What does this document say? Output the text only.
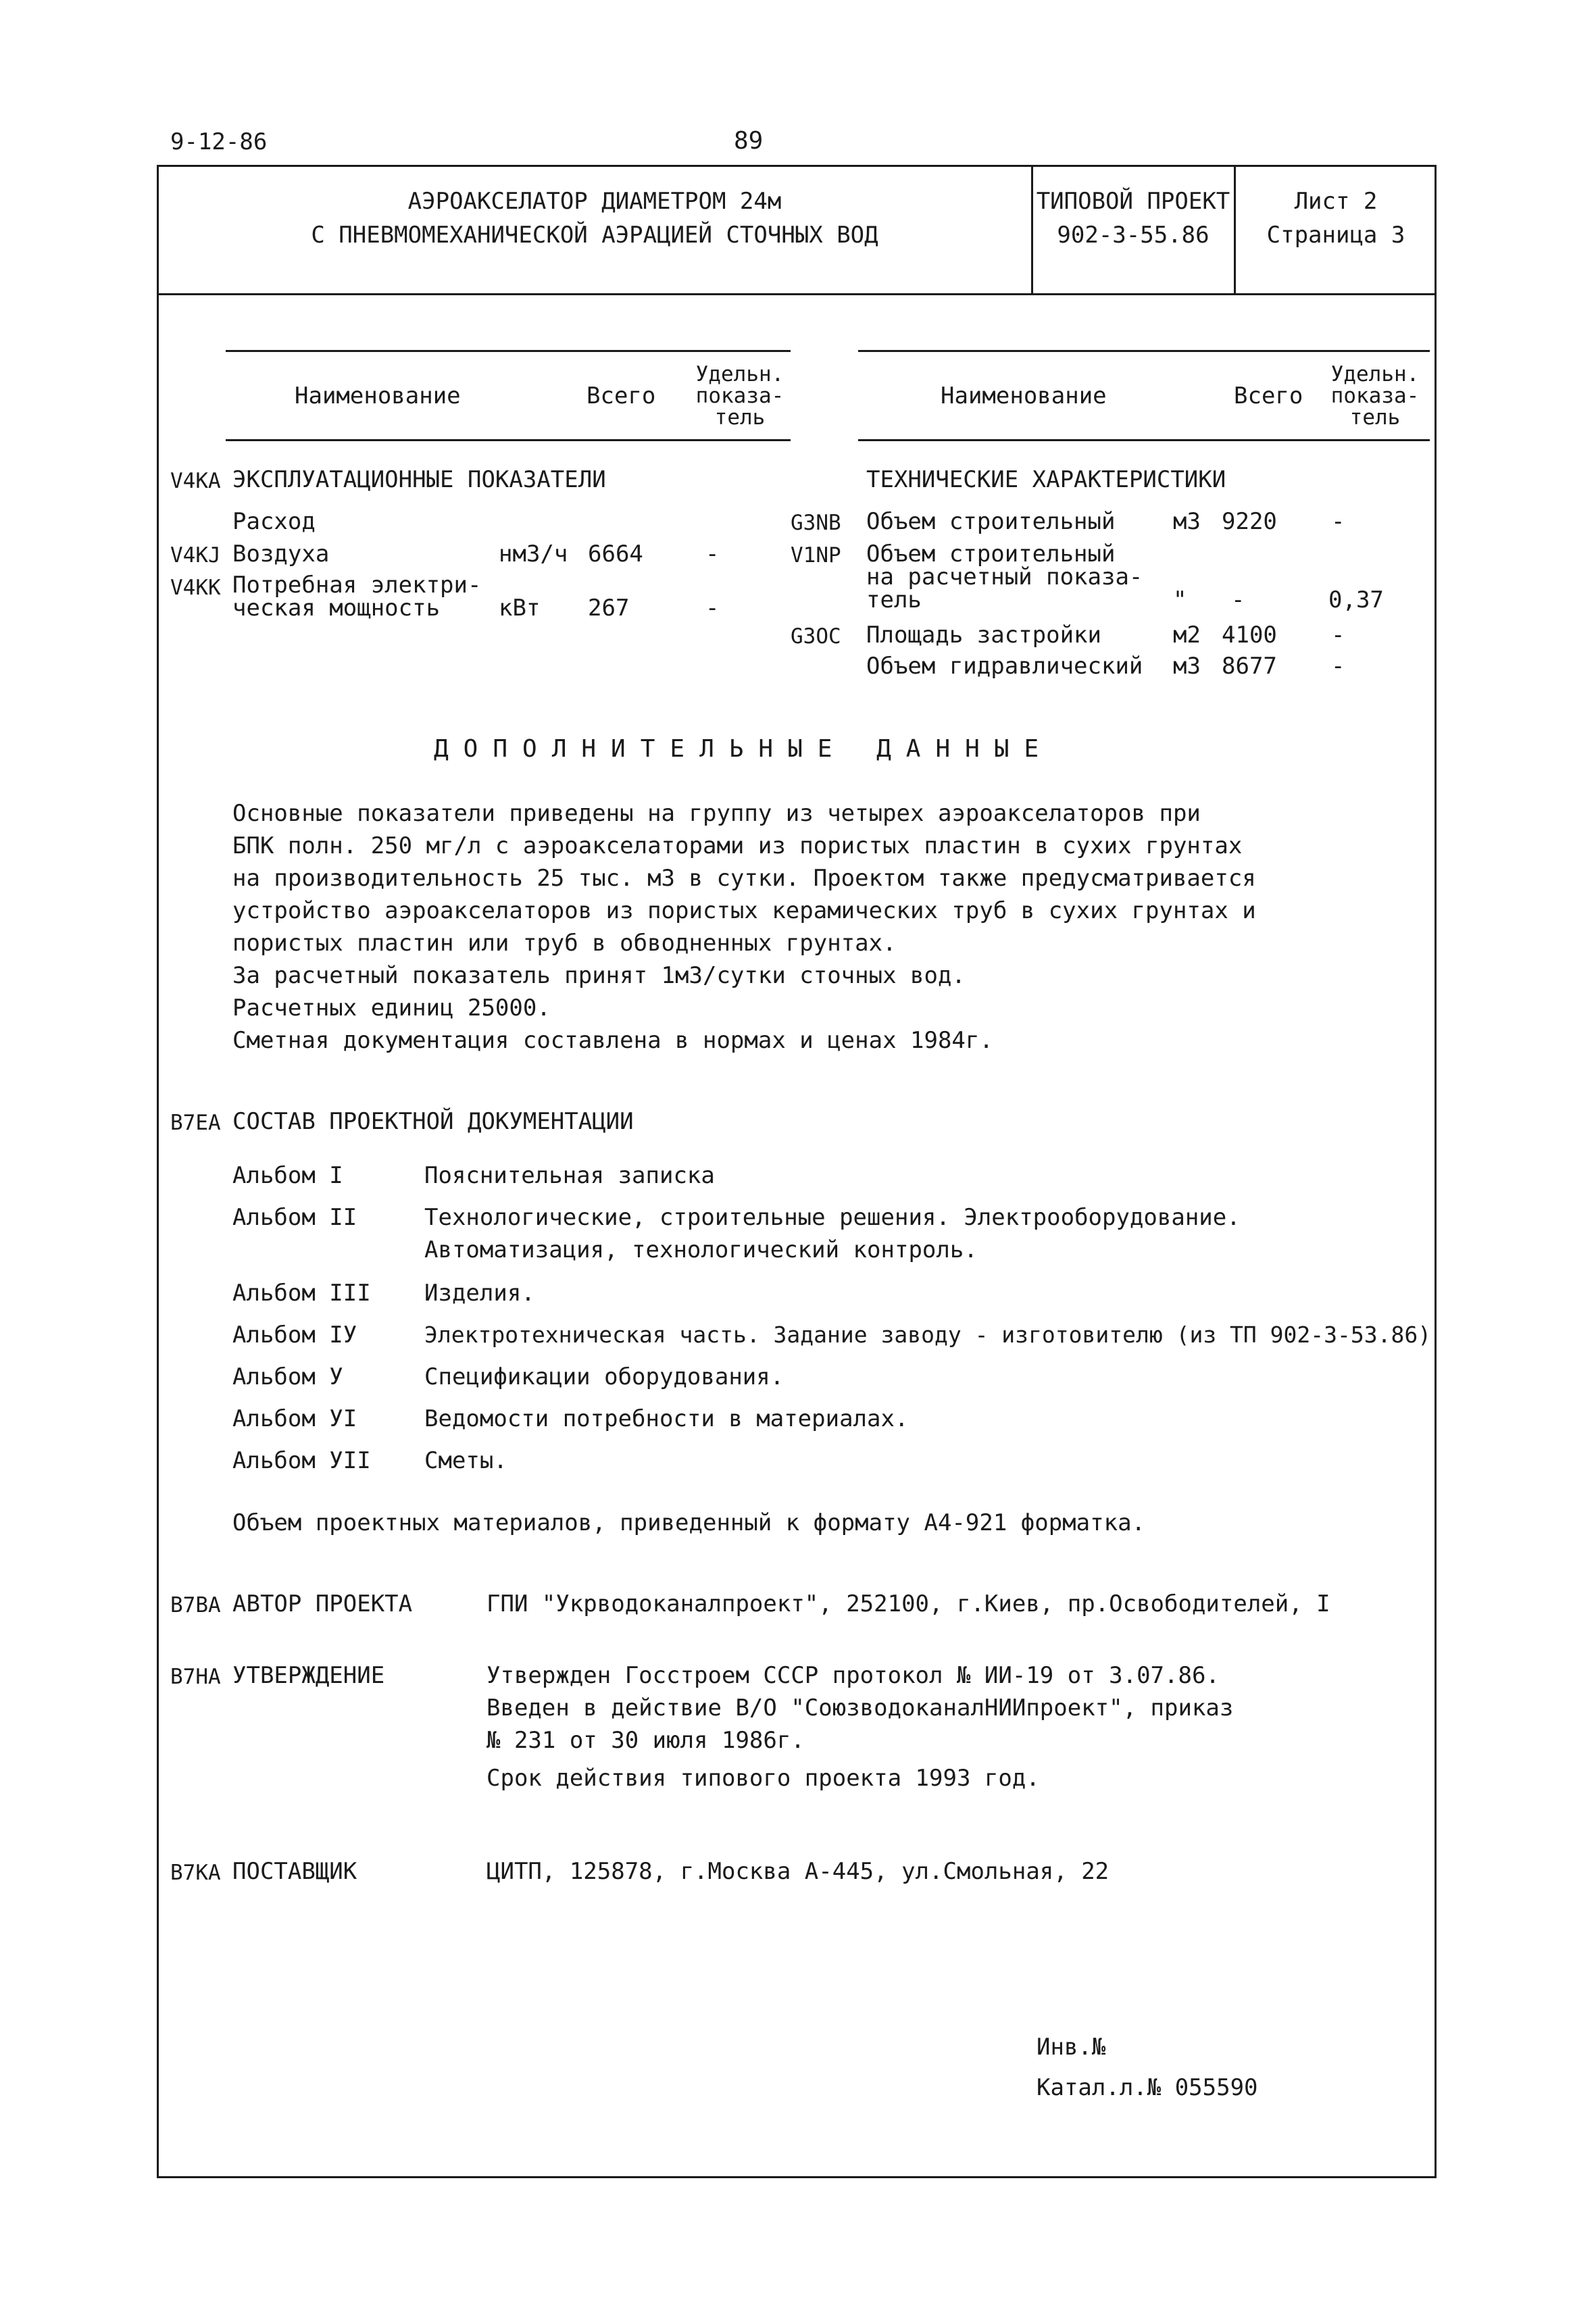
9-12-86	89
АЭРОАКСЕЛАТОР ДИАМЕТРОМ 24м
С ПНЕВМОМЕХАНИЧЕСКОЙ АЭРАЦИЕЙ СТОЧНЫХ ВОД
ТИПОВОЙ ПРОЕКТ
902-3-55.86
Лист 2
Страница 3
Наименование	Всего
Удельн.
показа-
тель
Наименование	Всего
Удельн.
показа-
тель
V4KA ЭКСПЛУАТАЦИОННЫЕ ПОКАЗАТЕЛИ
Расход
V4KJ Воздуха	нм3/ч 6664	-
V4KK Потребная электри-
ческая мощность	кВт 267	-
ТЕХНИЧЕСКИЕ ХАРАКТЕРИСТИКИ
G3NB Объем строительный	м3 9220 -
V1NP Объем строительный
на расчетный показа-
тель	" -	0,37
G3OC Площадь застройки	м2 4100 -
Объем гидравлический м3 8677 -
ДОПОЛНИТЕЛЬНЫЕ ДАННЫЕ
Основные показатели приведены на группу из четырех аэроакселаторов при
БПК полн. 250 мг/л с аэроакселаторами из пористых пластин в сухих грунтах
на производительность 25 тыс. м3 в сутки. Проектом также предусматривается
устройство аэроакселаторов из пористых керамических труб в сухих грунтах и
пористых пластин или труб в обводненных грунтах.
За расчетный показатель принят 1м3/сутки сточных вод.
Расчетных единиц 25000.
Сметная документация составлена в нормах и ценах 1984г.
B7EA СОСТАВ ПРОЕКТНОЙ ДОКУМЕНТАЦИИ
Альбом I	Пояснительная записка
Альбом II	Технологические, строительные решения. Электрооборудование.
Автоматизация, технологический контроль.
Альбом III Изделия.
Альбом IУ	Электротехническая часть. Задание заводу - изготовителю (из ТП 902-3-53.86)
Альбом У	Спецификации оборудования.
Альбом УI	Ведомости потребности в материалах.
Альбом УII Сметы.
Объем проектных материалов, приведенный к формату А4-921 форматка.
B7BA АВТОР ПРОЕКТА	ГПИ "Укрводоканалпроект", 252100, г.Киев, пр.Освободителей, I
B7HA УТВЕРЖДЕНИЕ	Утвержден Госстроем СССР протокол № ИИ-19 от 3.07.86.
Введен в действие В/О "СоюзводоканалНИИпроект", приказ
№ 231 от 30 июля 1986г.
Срок действия типового проекта 1993 год.
B7KA ПОСТАВЩИК	ЦИТП, 125878, г.Москва А-445, ул.Смольная, 22
Инв.№
Катал.л.№ 055590
